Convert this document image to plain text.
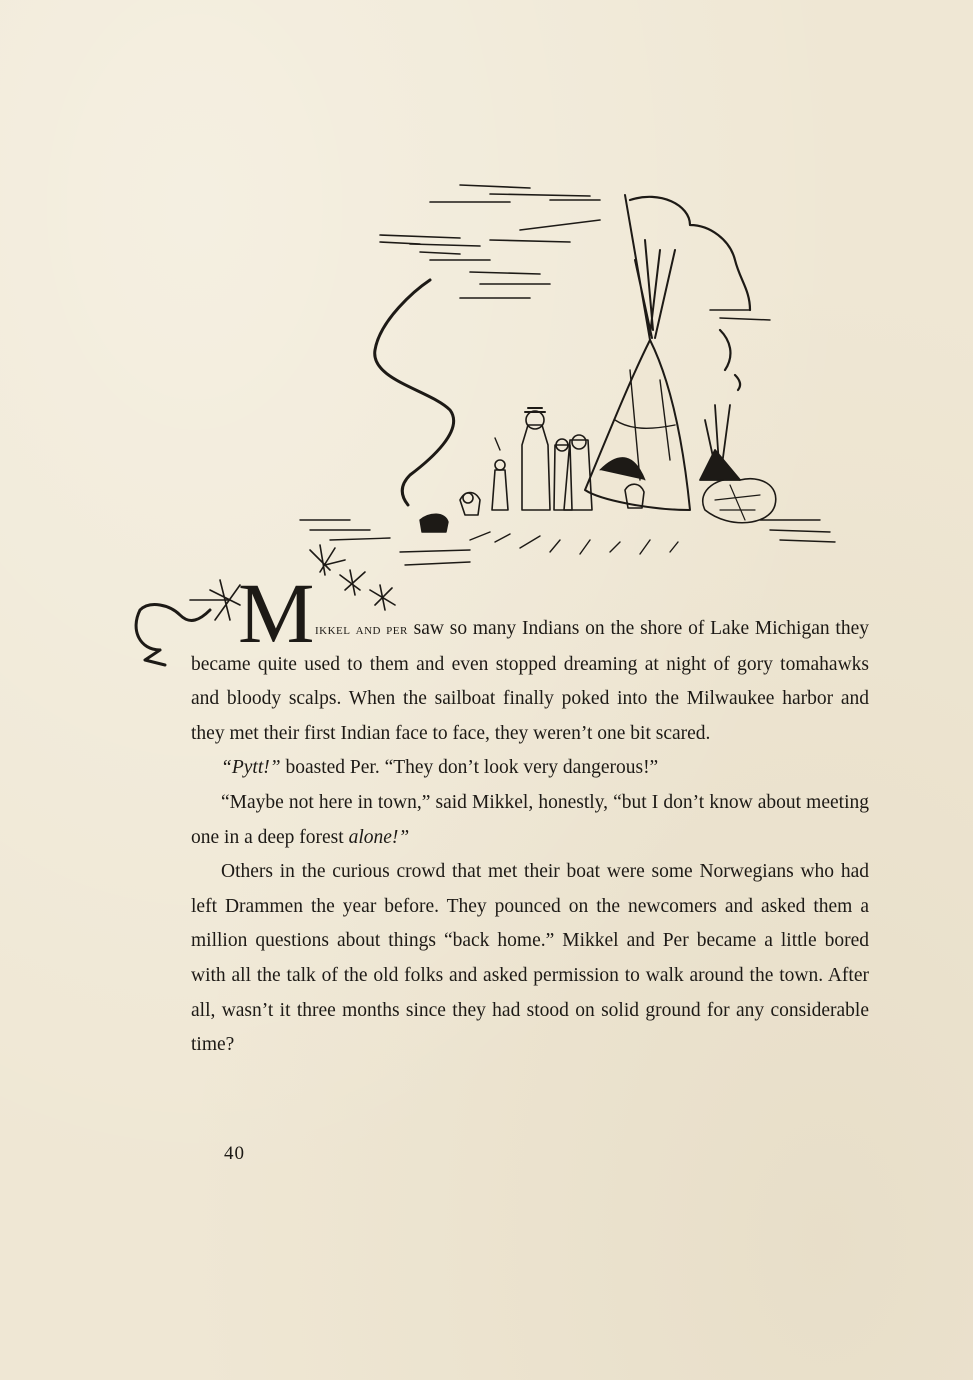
M ikkel and per saw so many Indians on the shore of Lake Michigan they became quite used to them and even stopped dreaming at night of gory tomahawks and bloody scalps. When the sailboat finally poked into the Milwaukee harbor and they met their first Indian face to face, they weren’t one bit scared.

“Pytt!” boasted Per. “They don’t look very dangerous!”

“Maybe not here in town,” said Mikkel, honestly, “but I don’t know about meeting one in a deep forest alone!”

Others in the curious crowd that met their boat were some Norwegians who had left Drammen the year before. They pounced on the newcomers and asked them a million questions about things “back home.” Mikkel and Per became a little bored with all the talk of the old folks and asked permission to walk around the town. After all, wasn’t it three months since they had stood on solid ground for any considerable time?

40
